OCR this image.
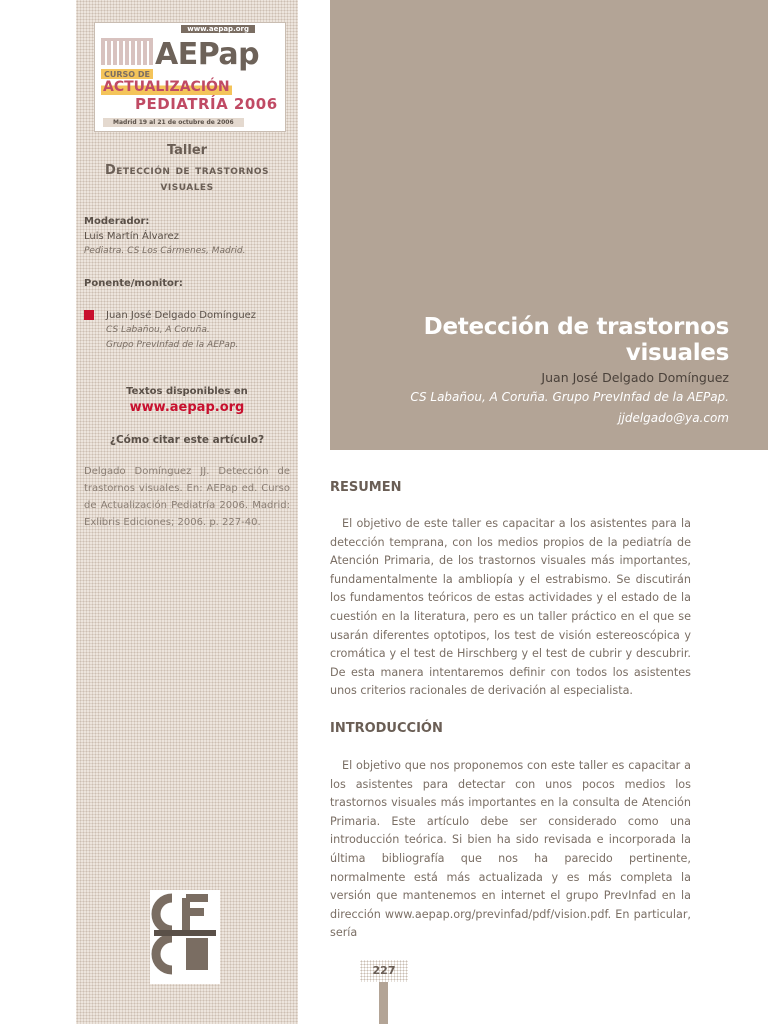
www.aepap.org
AEPap
CURSO DE
ACTUALIZACIÓN
PEDIATRÍA 2006
Madrid 19 al 21 de octubre de 2006
Taller
Detección de trastornos
visuales
Moderador:
Luis Martín Álvarez
Pediatra. CS Los Cármenes, Madrid.
Ponente/monitor:
Juan José Delgado Domínguez
CS Labañou, A Coruña.
Grupo PrevInfad de la AEPap.
Textos disponibles en
www.aepap.org
¿Cómo citar este artículo?
Delgado Domínguez JJ. Detección de trastornos visuales. En: AEPap ed. Curso de Actualización Pediatría 2006. Madrid: Exlibris Ediciones; 2006. p. 227-40.
Detección de trastornos visuales
Juan José Delgado Domínguez
CS Labañou, A Coruña. Grupo PrevInfad de la AEPap.
jjdelgado@ya.com
RESUMEN
El objetivo de este taller es capacitar a los asistentes para la detección temprana, con los medios propios de la pediatría de Atención Primaria, de los trastornos visuales más importantes, fundamentalmente la ambliopía y el estrabismo. Se discutirán los fundamentos teóricos de estas actividades y el estado de la cuestión en la literatura, pero es un taller práctico en el que se usarán diferentes optotipos, los test de visión estereoscópica y cromática y el test de Hirschberg y el test de cubrir y descubrir. De esta manera intentaremos definir con todos los asistentes unos criterios racionales de derivación al especialista.
INTRODUCCIÓN
El objetivo que nos proponemos con este taller es capacitar a los asistentes para detectar con unos pocos medios los trastornos visuales más importantes en la consulta de Atención Primaria. Este artículo debe ser considerado como una introducción teórica. Si bien ha sido revisada e incorporada la última bibliografía que nos ha parecido pertinente, normalmente está más actualizada y es más completa la versión que mantenemos en internet el grupo PrevInfad en la dirección www.aepap.org/previnfad/pdf/vision.pdf. En particular, sería
227
